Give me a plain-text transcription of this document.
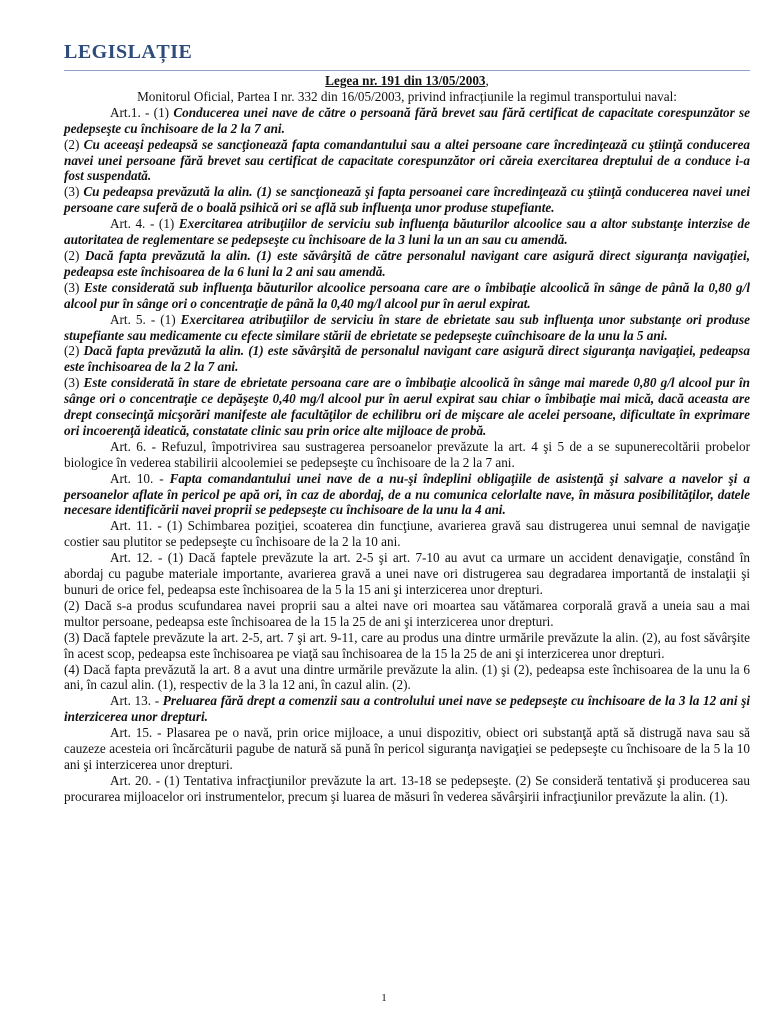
LEGISLAȚIE

Legea nr. 191 din 13/05/2003,

Monitorul Oficial, Partea I nr. 332 din 16/05/2003, privind infracțiunile la regimul transportului naval:

Art.1. - (1) Conducerea unei nave de către o persoană fără brevet sau fără certificat de capacitate corespunzător se pedepseşte cu închisoare de la 2 la 7 ani.

(2) Cu aceeaşi pedeapsă se sancţionează fapta comandantului sau a altei persoane care încredinţează cu ştiinţă conducerea navei unei persoane fără brevet sau certificat de capacitate corespunzător ori căreia exercitarea dreptului de a conduce i-a fost suspendată.

(3) Cu pedeapsa prevăzută la alin. (1) se sancţionează şi fapta persoanei care încredinţează cu ştiinţă conducerea navei unei persoane care suferă de o boală psihică ori se află sub influenţa unor produse stupefiante.

Art. 4. - (1) Exercitarea atribuţiilor de serviciu sub influenţa băuturilor alcoolice sau a altor substanţe interzise de autoritatea de reglementare se pedepseşte cu închisoare de la 3 luni la un an sau cu amendă.

(2) Dacă fapta prevăzută la alin. (1) este săvârşită de către personalul navigant care asigură direct siguranţa navigaţiei, pedeapsa este închisoarea de la 6 luni la 2 ani sau amendă.

(3) Este considerată sub influenţa băuturilor alcoolice persoana care are o îmbibaţie alcoolică în sânge de până la 0,80 g/l alcool pur în sânge ori o concentraţie de până la 0,40 mg/l alcool pur în aerul expirat.

Art. 5. - (1) Exercitarea atribuţiilor de serviciu în stare de ebrietate sau sub influenţa unor substanţe ori produse stupefiante sau medicamente cu efecte similare stării de ebrietate se pedepseşte cuînchisoare de la unu la 5 ani.

(2) Dacă fapta prevăzută la alin. (1) este săvârşită de personalul navigant care asigură direct siguranţa navigaţiei, pedeapsa este închisoarea de la 2 la 7 ani.

(3) Este considerată în stare de ebrietate persoana care are o îmbibaţie alcoolică în sânge mai marede 0,80 g/l alcool pur în sânge ori o concentraţie ce depăşeşte 0,40 mg/l alcool pur în aerul expirat sau chiar o îmbibaţie mai mică, dacă aceasta are drept consecinţă micşorări manifeste ale facultăţilor de echilibru ori de mişcare ale acelei persoane, dificultate în exprimare ori incoerenţă ideatică, constatate clinic sau prin orice alte mijloace de probă.

Art. 6. - Refuzul, împotrivirea sau sustragerea persoanelor prevăzute la art. 4 şi 5 de a se supunerecoltării probelor biologice în vederea stabilirii alcoolemiei se pedepseşte cu închisoare de la 2 la 7 ani.

Art. 10. - Fapta comandantului unei nave de a nu-şi îndeplini obligaţiile de asistenţă şi salvare a navelor şi a persoanelor aflate în pericol pe apă ori, în caz de abordaj, de a nu comunica celorlalte nave, în măsura posibilităţilor, datele necesare identificării navei proprii se pedepseşte cu închisoare de la unu la 4 ani.

Art. 11. - (1) Schimbarea poziţiei, scoaterea din funcţiune, avarierea gravă sau distrugerea unui semnal de navigaţie costier sau plutitor se pedepseşte cu închisoare de la 2 la 10 ani.

Art. 12. - (1) Dacă faptele prevăzute la art. 2-5 şi art. 7-10 au avut ca urmare un accident denavigaţie, constând în abordaj cu pagube materiale importante, avarierea gravă a unei nave ori distrugerea sau degradarea importantă de instalaţii şi bunuri de orice fel, pedeapsa este închisoarea de la 5 la 15 ani şi interzicerea unor drepturi.

(2) Dacă s-a produs scufundarea navei proprii sau a altei nave ori moartea sau vătămarea corporală gravă a uneia sau a mai multor persoane, pedeapsa este închisoarea de la 15 la 25 de ani şi interzicerea unor drepturi.

(3) Dacă faptele prevăzute la art. 2-5, art. 7 şi art. 9-11, care au produs una dintre urmările prevăzute la alin. (2), au fost săvârşite în acest scop, pedeapsa este închisoarea pe viaţă sau închisoarea de la 15 la 25 de ani şi interzicerea unor drepturi.

(4) Dacă fapta prevăzută la art. 8 a avut una dintre urmările prevăzute la alin. (1) şi (2), pedeapsa este închisoarea de la unu la 6 ani, în cazul alin. (1), respectiv de la 3 la 12 ani, în cazul alin. (2).

Art. 13. - Preluarea fără drept a comenzii sau a controlului unei nave se pedepseşte cu închisoare de la 3 la 12 ani şi interzicerea unor drepturi.

Art. 15. - Plasarea pe o navă, prin orice mijloace, a unui dispozitiv, obiect ori substanţă aptă să distrugă nava sau să cauzeze acesteia ori încărcăturii pagube de natură să pună în pericol siguranţa navigaţiei se pedepseşte cu închisoare de la 5 la 10 ani şi interzicerea unor drepturi.

Art. 20. - (1) Tentativa infracţiunilor prevăzute la art. 13-18 se pedepseşte. (2) Se consideră tentativă şi producerea sau procurarea mijloacelor ori instrumentelor, precum şi luarea de măsuri în vederea săvârşirii infracţiunilor prevăzute la alin. (1).

1
